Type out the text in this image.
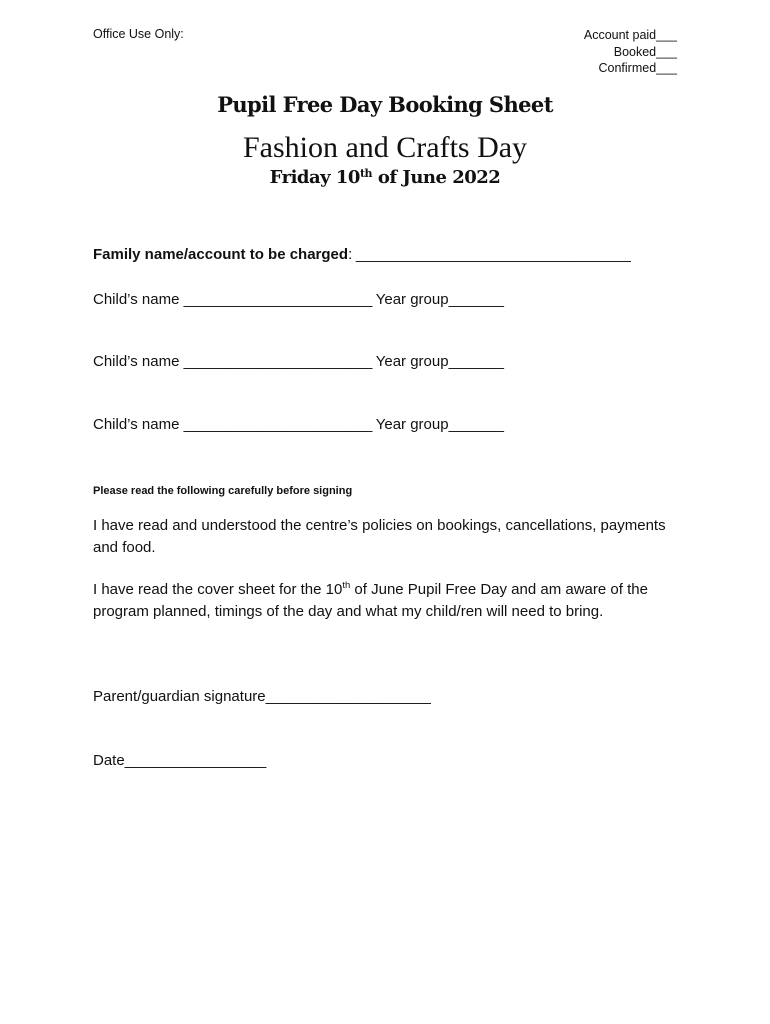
Office Use Only:	Account paid___
Booked___
Confirmed___
Pupil Free Day Booking Sheet
Fashion and Crafts Day
Friday 10th of June 2022
Family name/account to be charged: ___________________________________
Child’s name ________________________ Year group_______
Child’s name ________________________ Year group_______
Child’s name ________________________ Year group_______
Please read the following carefully before signing
I have read and understood the centre’s policies on bookings, cancellations, payments and food.
I have read the cover sheet for the 10th of June Pupil Free Day and am aware of the program planned, timings of the day and what my child/ren will need to bring.
Parent/guardian signature_____________________
Date__________________
